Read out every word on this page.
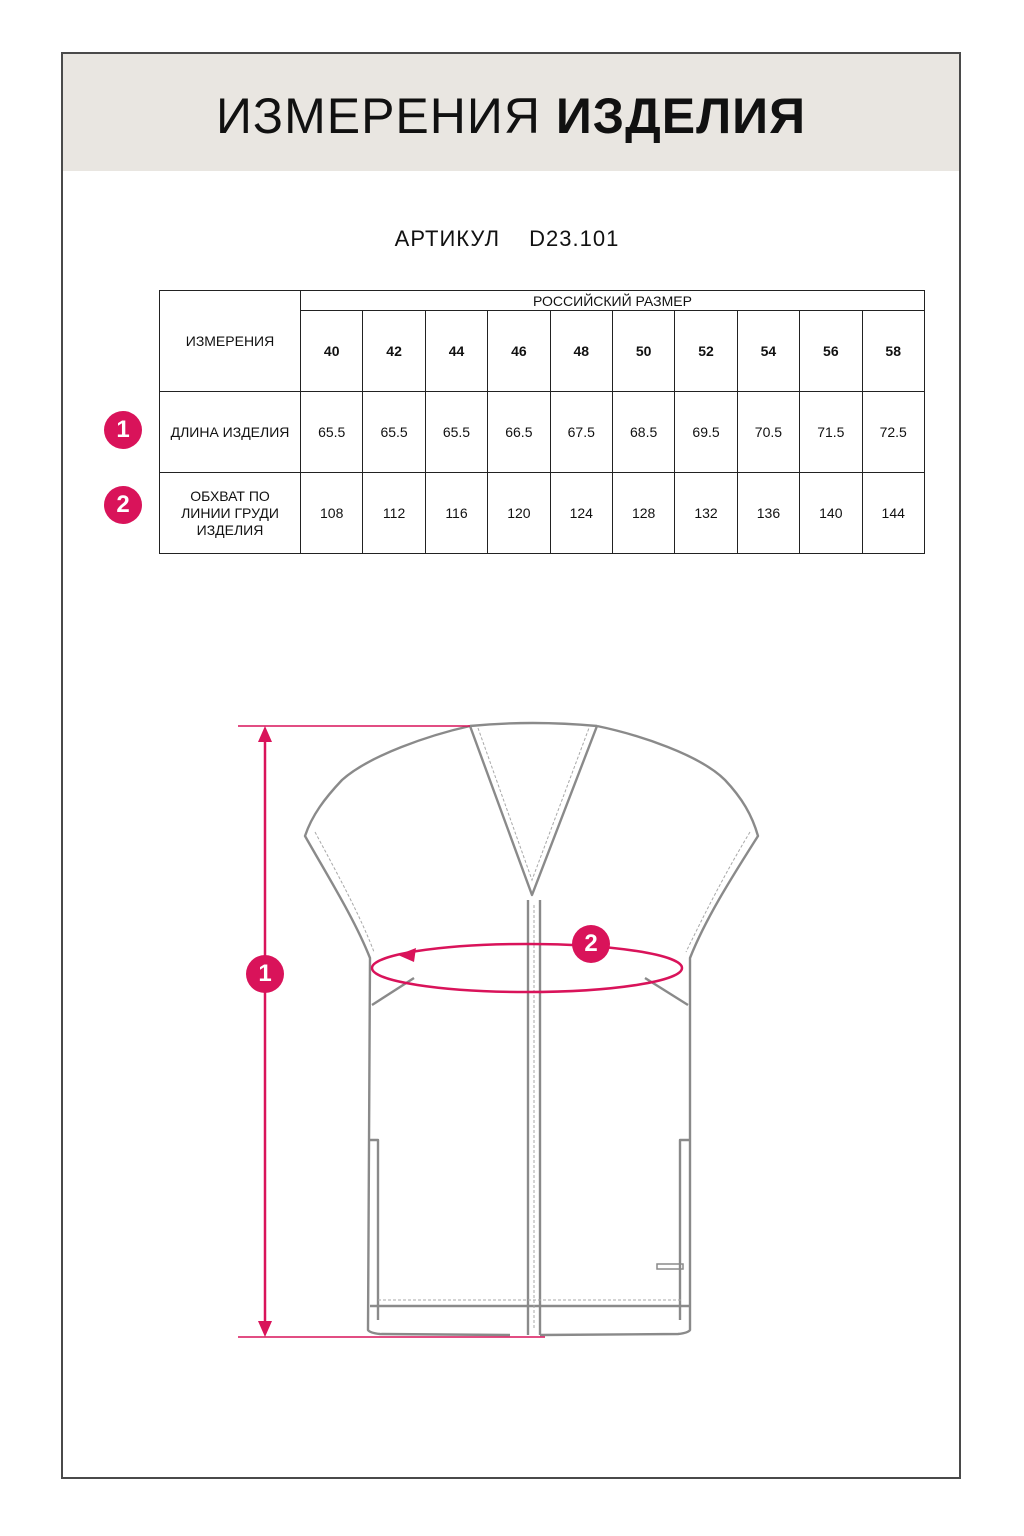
ИЗМЕРЕНИЯ ИЗДЕЛИЯ
АРТИКУЛ D23.101
ИЗМЕРЕНИЯ	РОССИЙСКИЙ РАЗМЕР									
	40	42	44	46	48	50	52	54	56	58
ДЛИНА ИЗДЕЛИЯ	65.5	65.5	65.5	66.5	67.5	68.5	69.5	70.5	71.5	72.5
ОБХВАТ ПО
ЛИНИИ ГРУДИ
ИЗДЕЛИЯ	108	112	116	120	124	128	132	136	140	144
1
2
1
2
